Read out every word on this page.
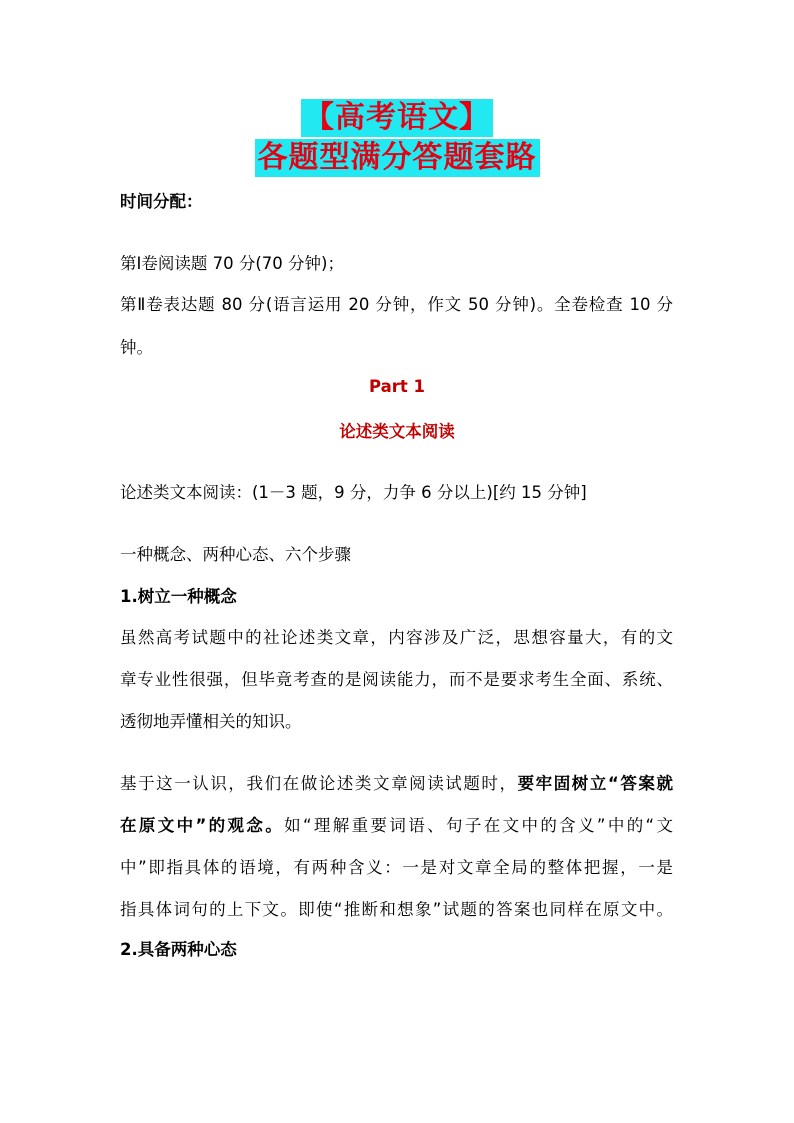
【高考语文】
各题型满分答题套路
时间分配：
第Ⅰ卷阅读题 70 分(70 分钟)；
第Ⅱ卷表达题 80 分(语言运用 20 分钟，作文 50 分钟)。全卷检查 10 分
钟。
Part 1
论述类文本阅读
论述类文本阅读：(1－3 题，9 分，力争 6 分以上)[约 15 分钟]
一种概念、两种心态、六个步骤
1.树立一种概念
虽然高考试题中的社论述类文章，内容涉及广泛，思想容量大，有的文
章专业性很强，但毕竟考查的是阅读能力，而不是要求考生全面、系统、
透彻地弄懂相关的知识。
基于这一认识，我们在做论述类文章阅读试题时，要牢固树立“答案就
在原文中”的观念。如“理解重要词语、句子在文中的含义”中的“文
中”即指具体的语境，有两种含义：一是对文章全局的整体把握，一是
指具体词句的上下文。即使“推断和想象”试题的答案也同样在原文中。
2.具备两种心态
